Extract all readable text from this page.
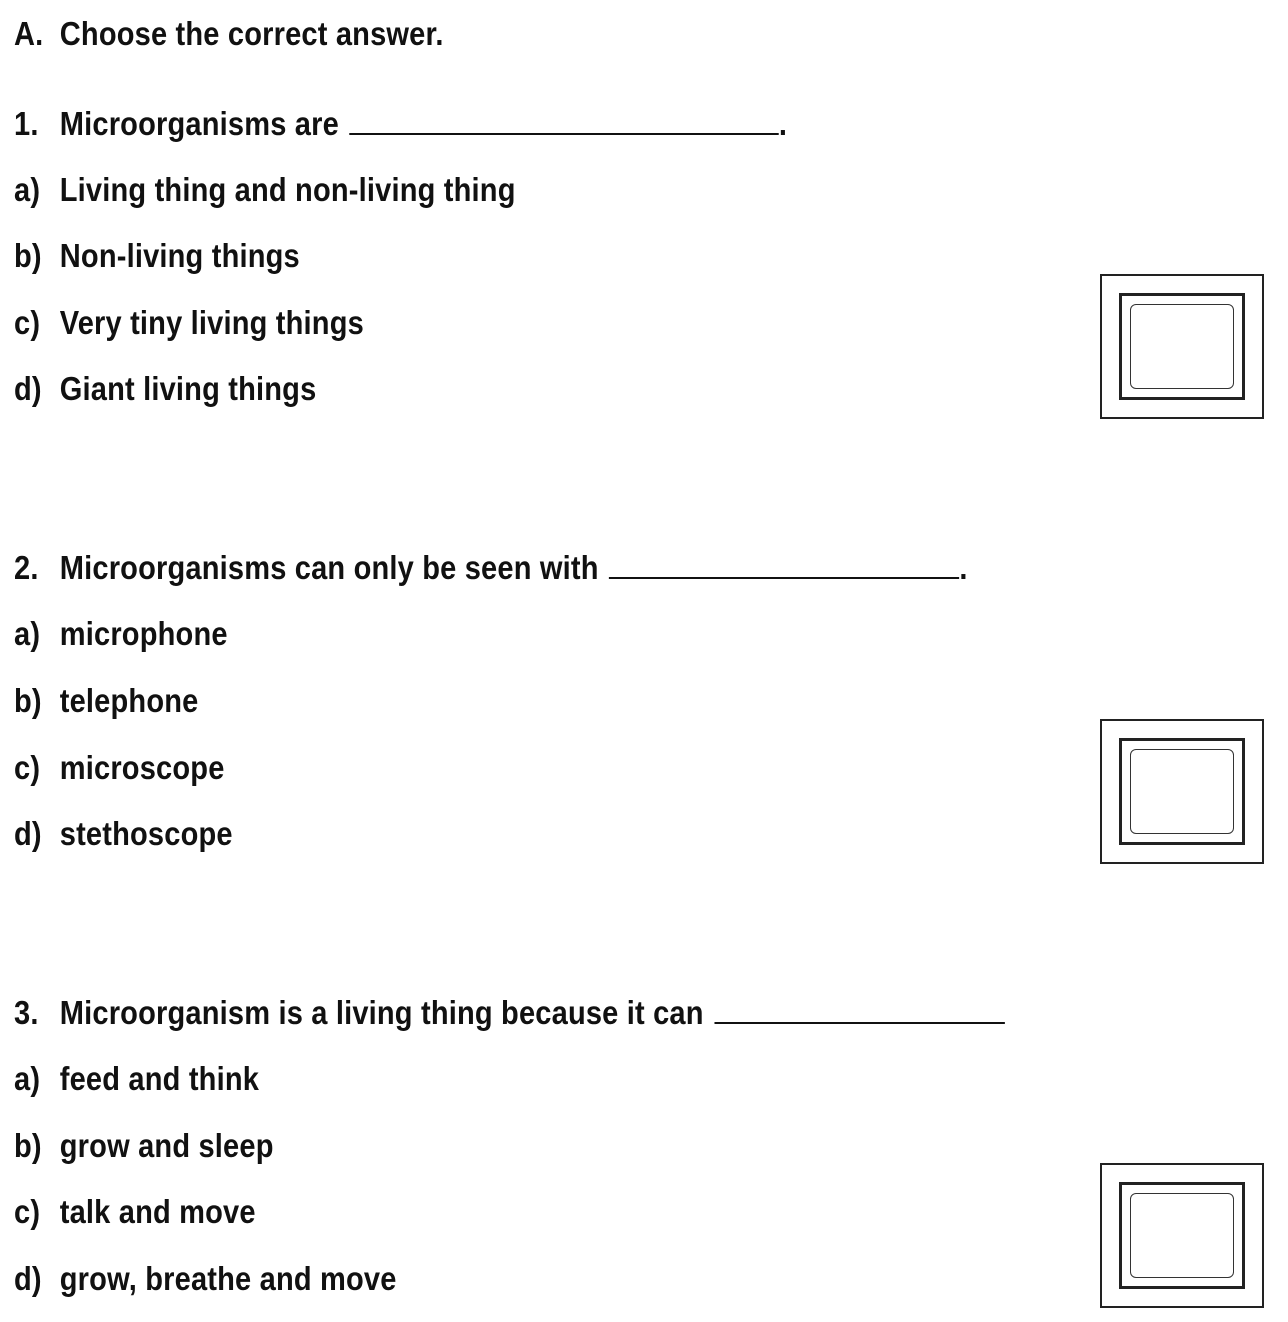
A. Choose the correct answer.
1. Microorganisms are	.
a) Living thing and non-living thing
b) Non-living things
c) Very tiny living things
d) Giant living things
2. Microorganisms can only be seen with	.
a) microphone
b) telephone
c) microscope
d) stethoscope
3. Microorganism is a living thing because it can
a) feed and think
b) grow and sleep
c) talk and move
d) grow, breathe and move
